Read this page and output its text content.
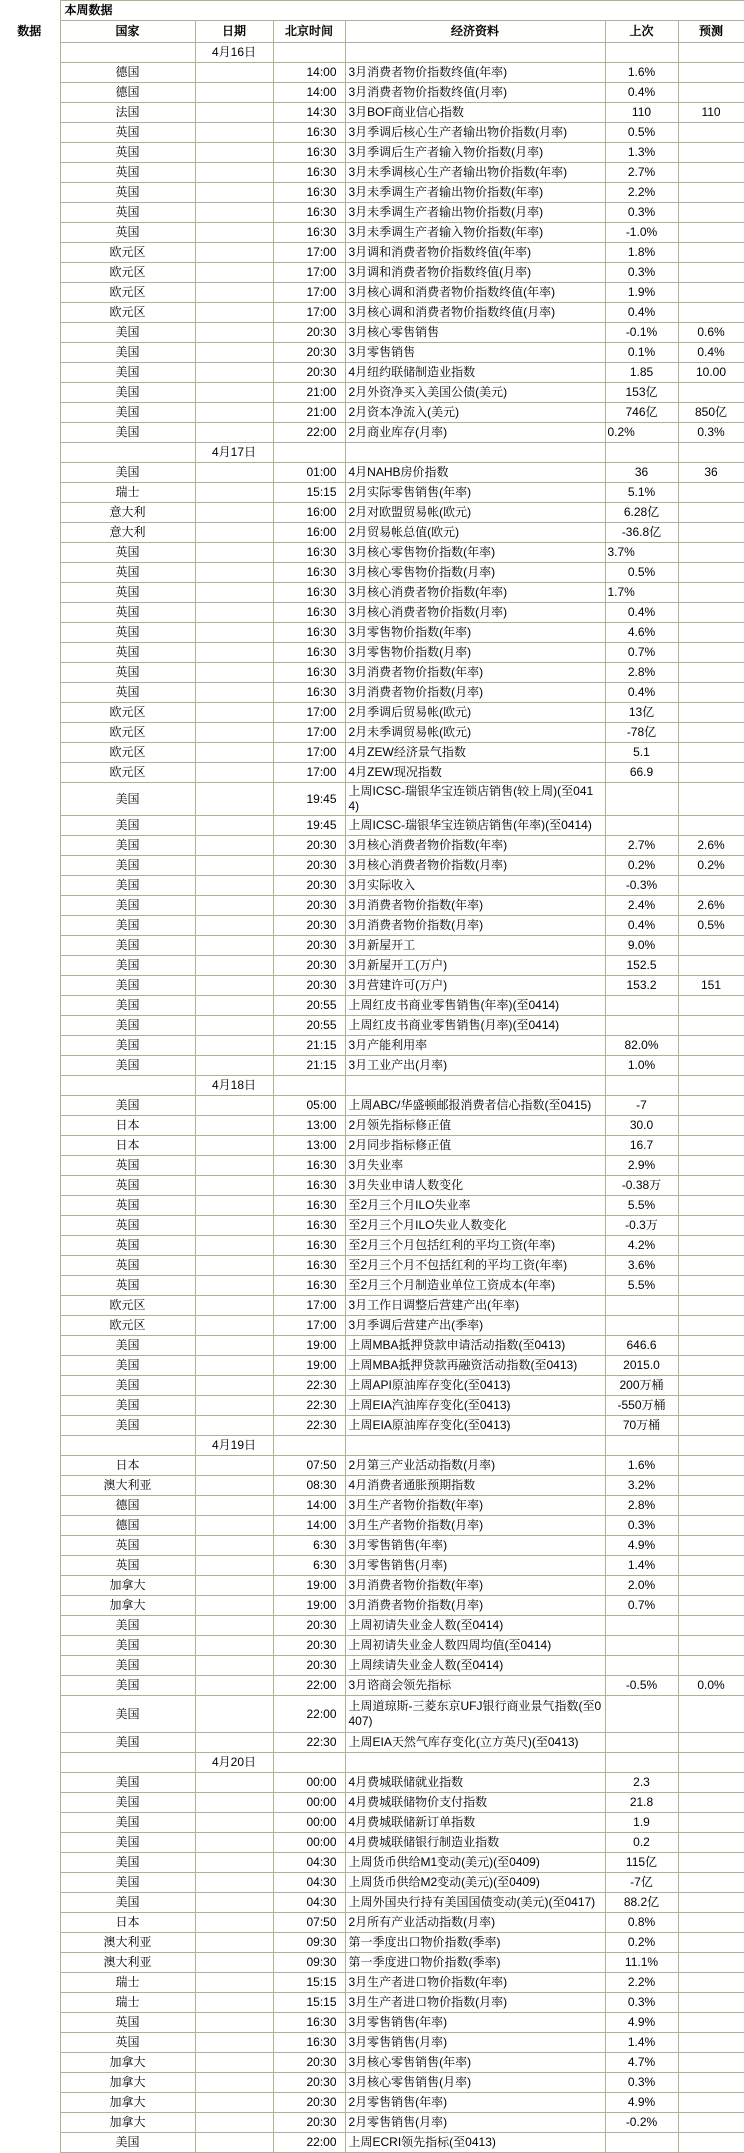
	本周数据					
数据	国家	日期	北京时间	经济资料	上次	预测
		4月16日				
	德国		14:00	3月消费者物价指数终值(年率)	1.6%	
	德国		14:00	3月消费者物价指数终值(月率)	0.4%	
	法国		14:30	3月BOF商业信心指数	110	110
	英国		16:30	3月季调后核心生产者输出物价指数(月率)	0.5%	
	英国		16:30	3月季调后生产者输入物价指数(月率)	1.3%	
	英国		16:30	3月未季调核心生产者输出物价指数(年率)	2.7%	
	英国		16:30	3月未季调生产者输出物价指数(年率)	2.2%	
	英国		16:30	3月未季调生产者输出物价指数(月率)	0.3%	
	英国		16:30	3月未季调生产者输入物价指数(年率)	-1.0%	
	欧元区		17:00	3月调和消费者物价指数终值(年率)	1.8%	
	欧元区		17:00	3月调和消费者物价指数终值(月率)	0.3%	
	欧元区		17:00	3月核心调和消费者物价指数终值(年率)	1.9%	
	欧元区		17:00	3月核心调和消费者物价指数终值(月率)	0.4%	
	美国		20:30	3月核心零售销售	-0.1%	0.6%
	美国		20:30	3月零售销售	0.1%	0.4%
	美国		20:30	4月纽约联储制造业指数	1.85	10.00
	美国		21:00	2月外资净买入美国公债(美元)	153亿	
	美国		21:00	2月资本净流入(美元)	746亿	850亿
	美国		22:00	2月商业库存(月率)	0.2%	0.3%
		4月17日				
	美国		01:00	4月NAHB房价指数	36	36
	瑞士		15:15	2月实际零售销售(年率)	5.1%	
	意大利		16:00	2月对欧盟贸易帐(欧元)	6.28亿	
	意大利		16:00	2月贸易帐总值(欧元)	-36.8亿	
	英国		16:30	3月核心零售物价指数(年率)	3.7%	
	英国		16:30	3月核心零售物价指数(月率)	0.5%	
	英国		16:30	3月核心消费者物价指数(年率)	1.7%	
	英国		16:30	3月核心消费者物价指数(月率)	0.4%	
	英国		16:30	3月零售物价指数(年率)	4.6%	
	英国		16:30	3月零售物价指数(月率)	0.7%	
	英国		16:30	3月消费者物价指数(年率)	2.8%	
	英国		16:30	3月消费者物价指数(月率)	0.4%	
	欧元区		17:00	2月季调后贸易帐(欧元)	13亿	
	欧元区		17:00	2月未季调贸易帐(欧元)	-78亿	
	欧元区		17:00	4月ZEW经济景气指数	5.1	
	欧元区		17:00	4月ZEW现况指数	66.9	
	美国		19:45	上周ICSC-瑞银华宝连锁店销售(较上周)(至0414)		
	美国		19:45	上周ICSC-瑞银华宝连锁店销售(年率)(至0414)		
	美国		20:30	3月核心消费者物价指数(年率)	2.7%	2.6%
	美国		20:30	3月核心消费者物价指数(月率)	0.2%	0.2%
	美国		20:30	3月实际收入	-0.3%	
	美国		20:30	3月消费者物价指数(年率)	2.4%	2.6%
	美国		20:30	3月消费者物价指数(月率)	0.4%	0.5%
	美国		20:30	3月新屋开工	9.0%	
	美国		20:30	3月新屋开工(万户)	152.5	
	美国		20:30	3月营建许可(万户)	153.2	151
	美国		20:55	上周红皮书商业零售销售(年率)(至0414)		
	美国		20:55	上周红皮书商业零售销售(月率)(至0414)		
	美国		21:15	3月产能利用率	82.0%	
	美国		21:15	3月工业产出(月率)	1.0%	
		4月18日				
	美国		05:00	上周ABC/华盛顿邮报消费者信心指数(至0415)	-7	
	日本		13:00	2月领先指标修正值	30.0	
	日本		13:00	2月同步指标修正值	16.7	
	英国		16:30	3月失业率	2.9%	
	英国		16:30	3月失业申请人数变化	-0.38万	
	英国		16:30	至2月三个月ILO失业率	5.5%	
	英国		16:30	至2月三个月ILO失业人数变化	-0.3万	
	英国		16:30	至2月三个月包括红利的平均工资(年率)	4.2%	
	英国		16:30	至2月三个月不包括红利的平均工资(年率)	3.6%	
	英国		16:30	至2月三个月制造业单位工资成本(年率)	5.5%	
	欧元区		17:00	3月工作日调整后营建产出(年率)		
	欧元区		17:00	3月季调后营建产出(季率)		
	美国		19:00	上周MBA抵押贷款申请活动指数(至0413)	646.6	
	美国		19:00	上周MBA抵押贷款再融资活动指数(至0413)	2015.0	
	美国		22:30	上周API原油库存变化(至0413)	200万桶	
	美国		22:30	上周EIA汽油库存变化(至0413)	-550万桶	
	美国		22:30	上周EIA原油库存变化(至0413)	70万桶	
		4月19日				
	日本		07:50	2月第三产业活动指数(月率)	1.6%	
	澳大利亚		08:30	4月消费者通胀预期指数	3.2%	
	德国		14:00	3月生产者物价指数(年率)	2.8%	
	德国		14:00	3月生产者物价指数(月率)	0.3%	
	英国		6:30	3月零售销售(年率)	4.9%	
	英国		6:30	3月零售销售(月率)	1.4%	
	加拿大		19:00	3月消费者物价指数(年率)	2.0%	
	加拿大		19:00	3月消费者物价指数(月率)	0.7%	
	美国		20:30	上周初请失业金人数(至0414)		
	美国		20:30	上周初请失业金人数四周均值(至0414)		
	美国		20:30	上周续请失业金人数(至0414)		
	美国		22:00	3月谘商会领先指标	-0.5%	0.0%
	美国		22:00	上周道琼斯-三菱东京UFJ银行商业景气指数(至0407)		
	美国		22:30	上周EIA天然气库存变化(立方英尺)(至0413)		
		4月20日				
	美国		00:00	4月费城联储就业指数	2.3	
	美国		00:00	4月费城联储物价支付指数	21.8	
	美国		00:00	4月费城联储新订单指数	1.9	
	美国		00:00	4月费城联储银行制造业指数	0.2	
	美国		04:30	上周货币供给M1变动(美元)(至0409)	115亿	
	美国		04:30	上周货币供给M2变动(美元)(至0409)	-7亿	
	美国		04:30	上周外国央行持有美国国债变动(美元)(至0417)	88.2亿	
	日本		07:50	2月所有产业活动指数(月率)	0.8%	
	澳大利亚		09:30	第一季度出口物价指数(季率)	0.2%	
	澳大利亚		09:30	第一季度进口物价指数(季率)	11.1%	
	瑞士		15:15	3月生产者进口物价指数(年率)	2.2%	
	瑞士		15:15	3月生产者进口物价指数(月率)	0.3%	
	英国		16:30	3月零售销售(年率)	4.9%	
	英国		16:30	3月零售销售(月率)	1.4%	
	加拿大		20:30	3月核心零售销售(年率)	4.7%	
	加拿大		20:30	3月核心零售销售(月率)	0.3%	
	加拿大		20:30	2月零售销售(年率)	4.9%	
	加拿大		20:30	2月零售销售(月率)	-0.2%	
	美国		22:00	上周ECRI领先指标(至0413)		
